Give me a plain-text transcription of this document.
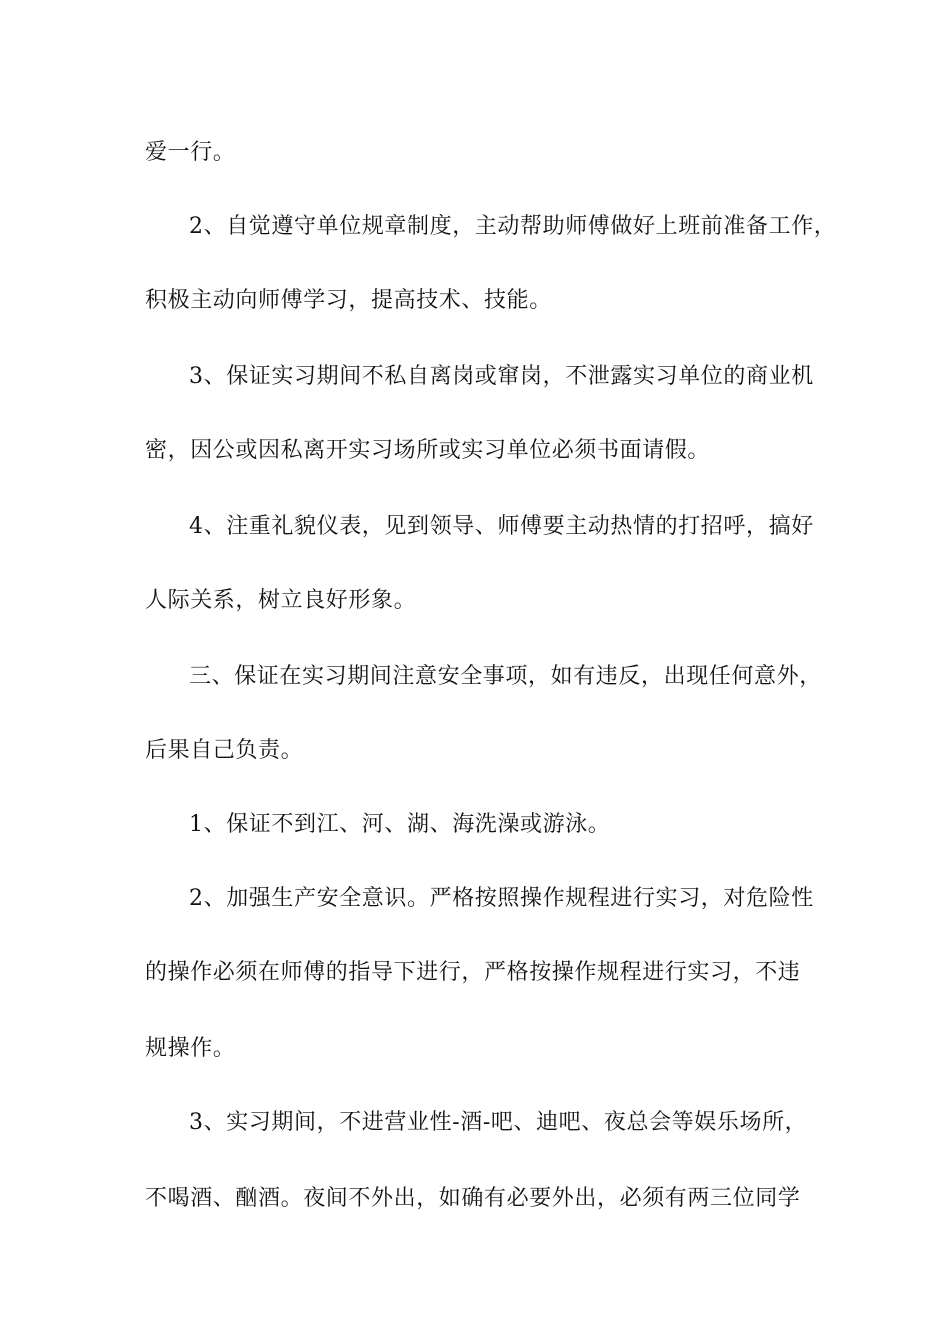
爱一行。
2、自觉遵守单位规章制度，主动帮助师傅做好上班前准备工作，
积极主动向师傅学习，提高技术、技能。
3、保证实习期间不私自离岗或窜岗，不泄露实习单位的商业机
密，因公或因私离开实习场所或实习单位必须书面请假。
4、注重礼貌仪表，见到领导、师傅要主动热情的打招呼，搞好
人际关系，树立良好形象。
三、保证在实习期间注意安全事项，如有违反，出现任何意外，
后果自己负责。
1、保证不到江、河、湖、海洗澡或游泳。
2、加强生产安全意识。严格按照操作规程进行实习，对危险性
的操作必须在师傅的指导下进行，严格按操作规程进行实习，不违
规操作。
3、实习期间，不进营业性-酒-吧、迪吧、夜总会等娱乐场所，
不喝酒、酗酒。夜间不外出，如确有必要外出，必须有两三位同学
